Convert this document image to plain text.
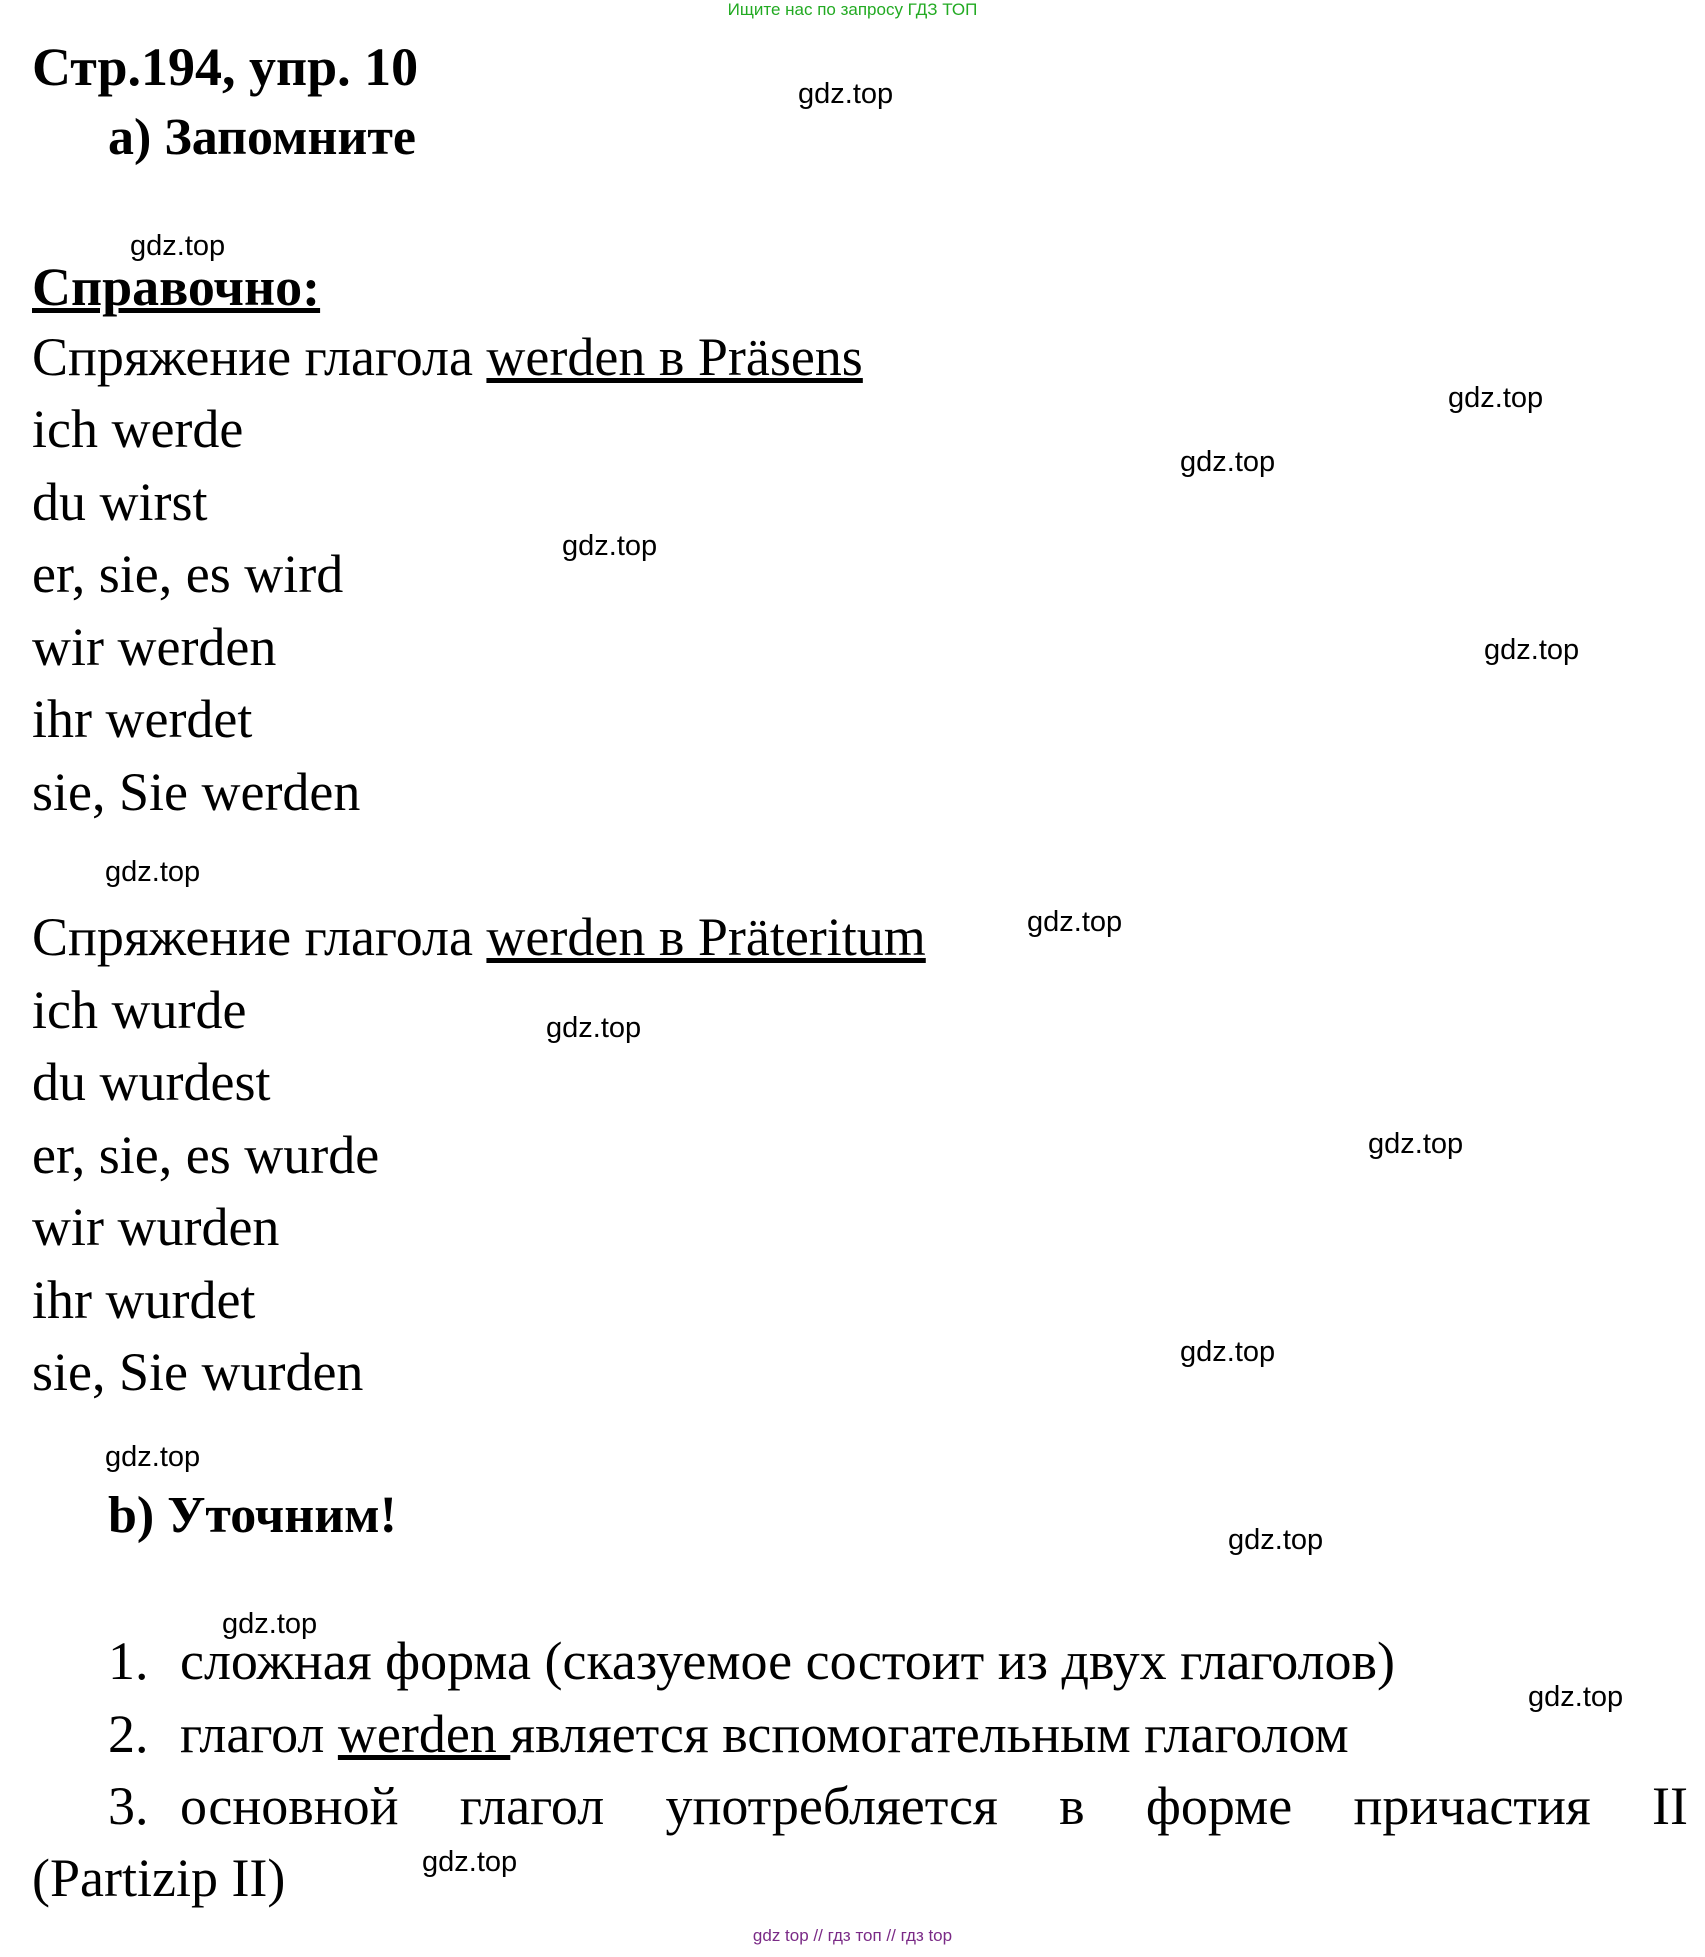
Ищите нас по запросу ГДЗ ТОП
Стр.194, упр. 10
a) Запомните
Справочно:
Спряжение глагола werden в Präsens
ich werde
du wirst
er, sie, es wird
wir werden
ihr werdet
sie, Sie werden
Спряжение глагола werden в Präteritum
ich wurde
du wurdest
er, sie, es wurde
wir wurden
ihr wurdet
sie, Sie wurden
b) Уточним!
1. сложная форма (сказуемое состоит из двух глаголов)
2. глагол werden является вспомогательным глаголом
3. основной глагол употребляется в форме причастия II
(Partizip II)
gdz.top
gdz.top
gdz.top
gdz.top
gdz.top
gdz.top
gdz.top
gdz.top
gdz.top
gdz.top
gdz.top
gdz.top
gdz.top
gdz.top
gdz.top
gdz.top
gdz top // гдз топ // гдз top
